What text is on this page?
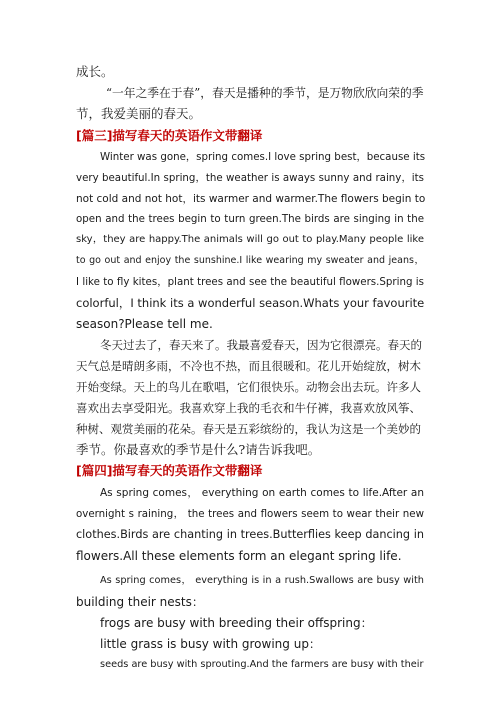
成长。
“一年之季在于春”，春天是播种的季节，是万物欣欣向荣的季
节，我爱美丽的春天。
[篇三]描写春天的英语作文带翻译
Winter was gone，spring comes.I love spring best，because its
very beautiful.In spring，the weather is aways sunny and rainy，its
not cold and not hot，its warmer and warmer.The flowers begin to
open and the trees begin to turn green.The birds are singing in the
sky，they are happy.The animals will go out to play.Many people like
to go out and enjoy the sunshine.I like wearing my sweater and jeans，
I like to fly kites，plant trees and see the beautiful flowers.Spring is
colorful，I think its a wonderful season.Whats your favourite
season?Please tell me.
冬天过去了，春天来了。我最喜爱春天，因为它很漂亮。春天的
天气总是晴朗多雨，不冷也不热，而且很暖和。花儿开始绽放，树木
开始变绿。天上的鸟儿在歌唱，它们很快乐。动物会出去玩。许多人
喜欢出去享受阳光。我喜欢穿上我的毛衣和牛仔裤，我喜欢放风筝、
种树、观赏美丽的花朵。春天是五彩缤纷的，我认为这是一个美妙的
季节。你最喜欢的季节是什么?请告诉我吧。
[篇四]描写春天的英语作文带翻译
As spring comes， everything on earth comes to life.After an
overnight s raining， the trees and flowers seem to wear their new
clothes.Birds are chanting in trees.Butterflies keep dancing in
flowers.All these elements form an elegant spring life.
As spring comes， everything is in a rush.Swallows are busy with
building their nests：
frogs are busy with breeding their offspring：
little grass is busy with growing up：
seeds are busy with sprouting.And the farmers are busy with their
